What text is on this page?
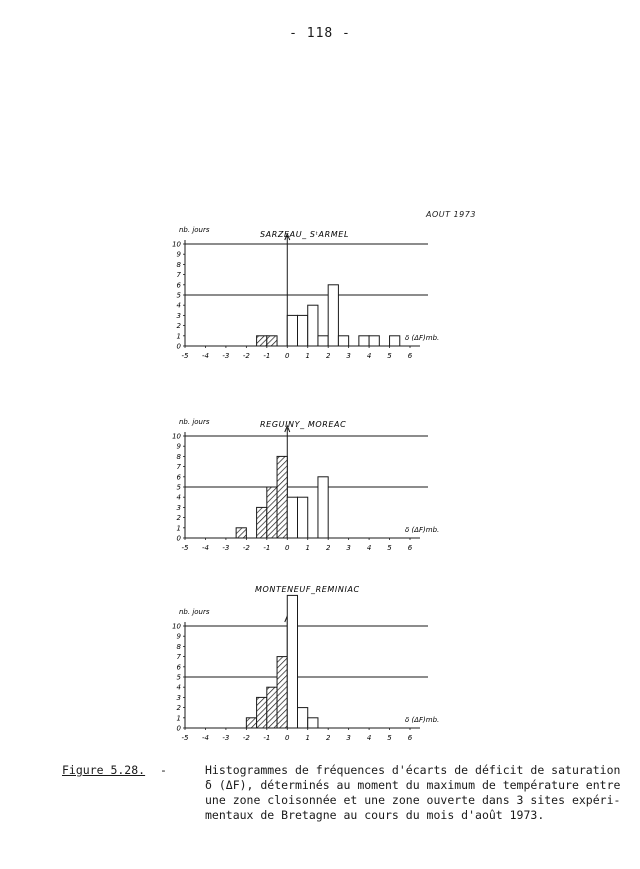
- 118 -
AOUT 1973
0
1
2
3
4
5
6
7
8
9
10
-5 -4 -3 -2 -1 0 1 2 3 4 5 6
SARZEAU_ SᵗARMEL
nb. jours
δ (ΔF)mb.
0
1
2
3
4
5
6
7
8
9
10
-5 -4 -3 -2 -1 0 1 2 3 4 5 6
REGUINY_ MOREAC
nb. jours
δ (ΔF)mb.
0
1
2
3
4
5
6
7
8
9
10
-5 -4 -3 -2 -1 0 1 2 3 4 5 6
MONTENEUF_REMINIAC
nb. jours
δ (ΔF)mb.
Figure 5.28. -	Histogrammes de fréquences d'écarts de déficit de saturation
δ (ΔF), déterminés au moment du maximum de température entre
une zone cloisonnée et une zone ouverte dans 3 sites expéri-
mentaux de Bretagne au cours du mois d'août 1973.
